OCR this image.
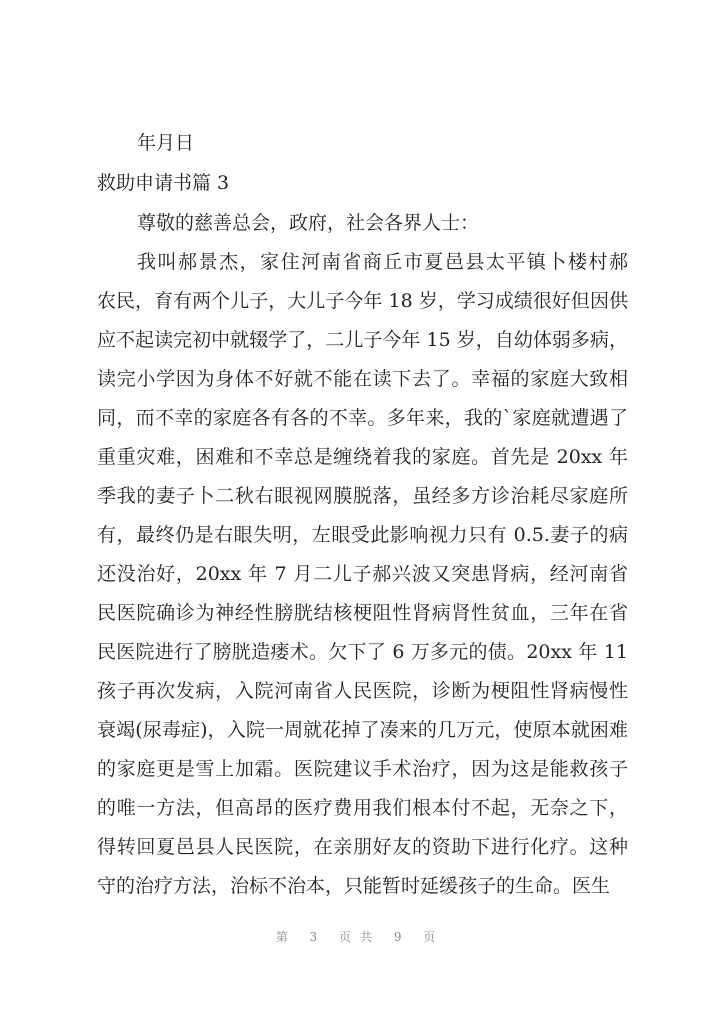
年月日
救助申请书篇 3
尊敬的慈善总会，政府，社会各界人士：
我叫郝景杰，家住河南省商丘市夏邑县太平镇卜楼村郝
农民，育有两个儿子，大儿子今年 18 岁，学习成绩很好但因供
应不起读完初中就辍学了，二儿子今年 15 岁，自幼体弱多病，
读完小学因为身体不好就不能在读下去了。幸福的家庭大致相
同，而不幸的家庭各有各的不幸。多年来，我的`家庭就遭遇了
重重灾难，困难和不幸总是缠绕着我的家庭。首先是 20xx 年
季我的妻子卜二秋右眼视网膜脱落，虽经多方诊治耗尽家庭所
有，最终仍是右眼失明，左眼受此影响视力只有 0.5.妻子的病
还没治好，20xx 年 7 月二儿子郝兴波又突患肾病，经河南省
民医院确诊为神经性膀胱结核梗阻性肾病肾性贫血，三年在省
民医院进行了膀胱造瘘术。欠下了 6 万多元的债。20xx 年 11
孩子再次发病，入院河南省人民医院，诊断为梗阻性肾病慢性
衰竭(尿毒症)，入院一周就花掉了凑来的几万元，使原本就困难
的家庭更是雪上加霜。医院建议手术治疗，因为这是能救孩子
的唯一方法，但高昂的医疗费用我们根本付不起，无奈之下，
得转回夏邑县人民医院，在亲朋好友的资助下进行化疗。这种
守的治疗方法，治标不治本，只能暂时延缓孩子的生命。医生
第 3 页共 9 页
